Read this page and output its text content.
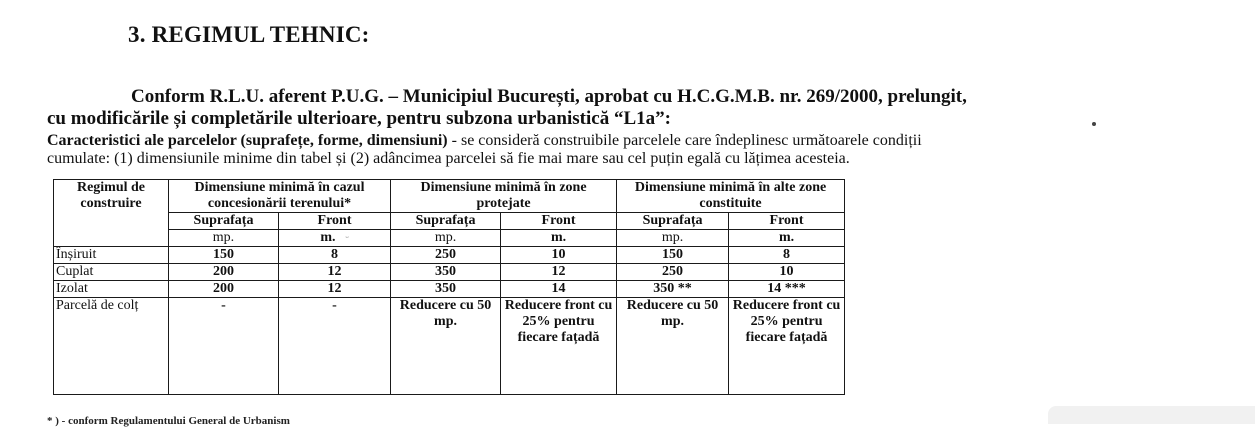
3. REGIMUL TEHNIC:
Conform R.L.U. aferent P.U.G. – Municipiul București, aprobat cu H.C.G.M.B. nr. 269/2000, prelungit,
cu modificările și completările ulterioare, pentru subzona urbanistică “L1a”:
Caracteristici ale parcelelor (suprafețe, forme, dimensiuni) - se consideră construibile parcelele care îndeplinesc următoarele condiții
cumulate: (1) dimensiunile minime din tabel și (2) adâncimea parcelei să fie mai mare sau cel puțin egală cu lățimea acesteia.
Regimul de construire	Dimensiune minimă în cazul concesionării terenului*		Dimensiune minimă în zone protejate		Dimensiune minimă în alte zone constituite	
	Suprafața	Front	Suprafața	Front	Suprafața	Front
	mp.	m. ᵕ	mp.	m.	mp.	m.
Înșiruit	150	8	250	10	150	8
Cuplat	200	12	350	12	250	10
Izolat	200	12	350	14	350 **	14 ***
Parcelă de colț	-	-	Reducere cu 50 mp.	Reducere front cu 25% pentru fiecare fațadă	Reducere cu 50 mp.	Reducere front cu 25% pentru fiecare fațadă
* ) - conform Regulamentului General de Urbanism
